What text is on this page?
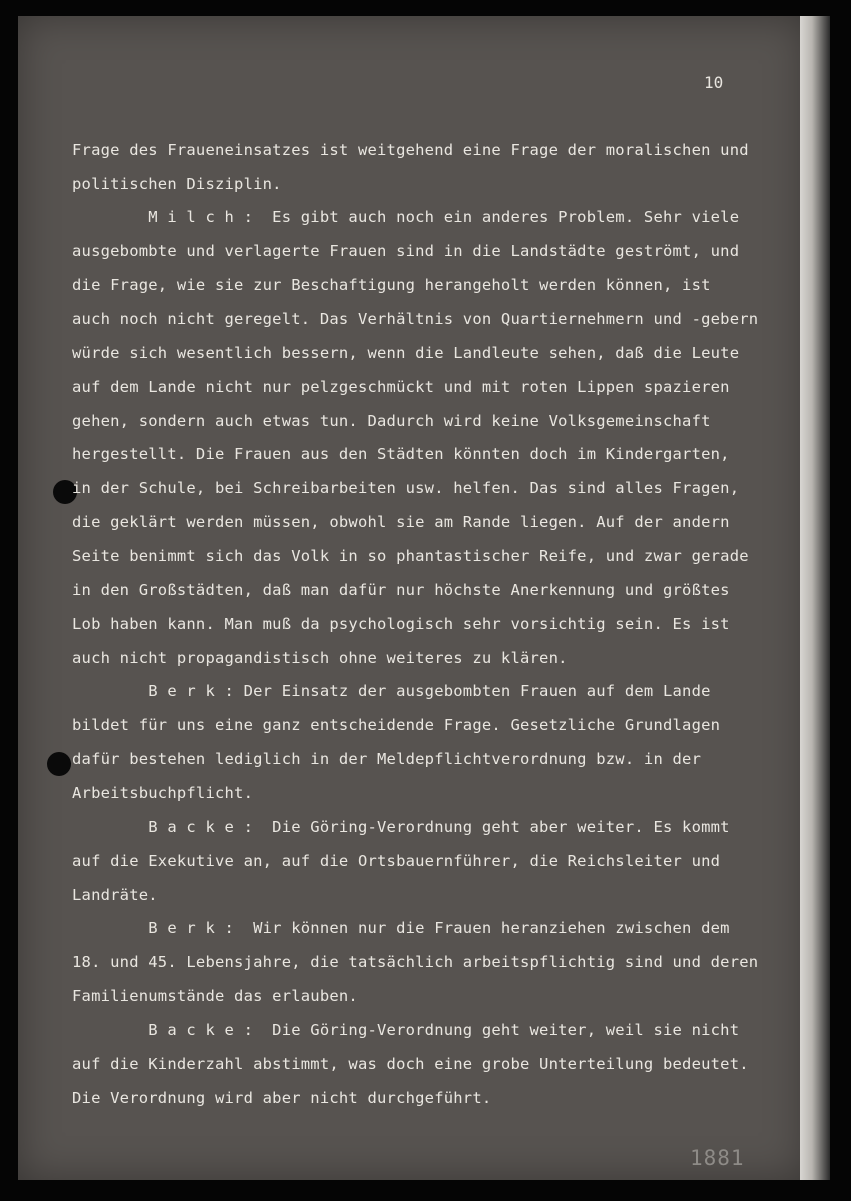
10
Frage des Fraueneinsatzes ist weitgehend eine Frage der moralischen und
politischen Disziplin.
M i l c h :  Es gibt auch noch ein anderes Problem. Sehr viele
ausgebombte und verlagerte Frauen sind in die Landstädte geströmt, und
die Frage, wie sie zur Beschaftigung herangeholt werden können, ist
auch noch nicht geregelt. Das Verhältnis von Quartiernehmern und -gebern
würde sich wesentlich bessern, wenn die Landleute sehen, daß die Leute
auf dem Lande nicht nur pelzgeschmückt und mit roten Lippen spazieren
gehen, sondern auch etwas tun. Dadurch wird keine Volksgemeinschaft
hergestellt. Die Frauen aus den Städten könnten doch im Kindergarten,
in der Schule, bei Schreibarbeiten usw. helfen. Das sind alles Fragen,
die geklärt werden müssen, obwohl sie am Rande liegen. Auf der andern
Seite benimmt sich das Volk in so phantastischer Reife, und zwar gerade
in den Großstädten, daß man dafür nur höchste Anerkennung und größtes
Lob haben kann. Man muß da psychologisch sehr vorsichtig sein. Es ist
auch nicht propagandistisch ohne weiteres zu klären.
B e r k : Der Einsatz der ausgebombten Frauen auf dem Lande
bildet für uns eine ganz entscheidende Frage. Gesetzliche Grundlagen
dafür bestehen lediglich in der Meldepflichtverordnung bzw. in der
Arbeitsbuchpflicht.
B a c k e :  Die Göring-Verordnung geht aber weiter. Es kommt
auf die Exekutive an, auf die Ortsbauernführer, die Reichsleiter und
Landräte.
B e r k :  Wir können nur die Frauen heranziehen zwischen dem
18. und 45. Lebensjahre, die tatsächlich arbeitspflichtig sind und deren
Familienumstände das erlauben.
B a c k e :  Die Göring-Verordnung geht weiter, weil sie nicht
auf die Kinderzahl abstimmt, was doch eine grobe Unterteilung bedeutet.
Die Verordnung wird aber nicht durchgeführt.
1881
